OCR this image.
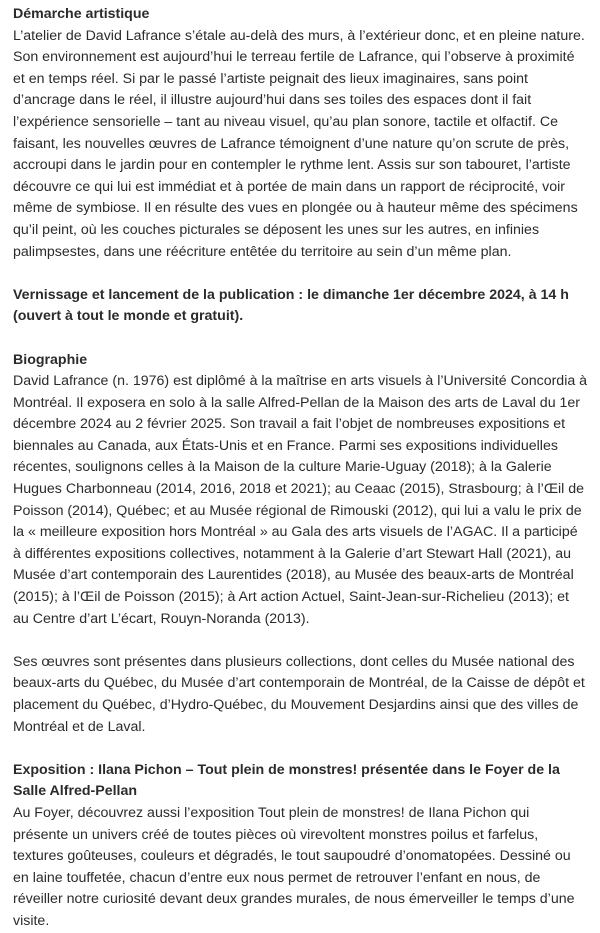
Démarche artistique

L’atelier de David Lafrance s’étale au-delà des murs, à l’extérieur donc, et en pleine nature. Son environnement est aujourd’hui le terreau fertile de Lafrance, qui l’observe à proximité et en temps réel. Si par le passé l’artiste peignait des lieux imaginaires, sans point d’ancrage dans le réel, il illustre aujourd’hui dans ses toiles des espaces dont il fait l’expérience sensorielle – tant au niveau visuel, qu’au plan sonore, tactile et olfactif. Ce faisant, les nouvelles œuvres de Lafrance témoignent d’une nature qu’on scrute de près, accroupi dans le jardin pour en contempler le rythme lent. Assis sur son tabouret, l’artiste découvre ce qui lui est immédiat et à portée de main dans un rapport de réciprocité, voir même de symbiose. Il en résulte des vues en plongée ou à hauteur même des spécimens qu’il peint, où les couches picturales se déposent les unes sur les autres, en infinies palimpsestes, dans une réécriture entêtée du territoire au sein d’un même plan.

Vernissage et lancement de la publication : le dimanche 1er décembre 2024, à 14 h (ouvert à tout le monde et gratuit).

Biographie

David Lafrance (n. 1976) est diplômé à la maîtrise en arts visuels à l’Université Concordia à Montréal. Il exposera en solo à la salle Alfred-Pellan de la Maison des arts de Laval du 1er décembre 2024 au 2 février 2025. Son travail a fait l’objet de nombreuses expositions et biennales au Canada, aux États-Unis et en France. Parmi ses expositions individuelles récentes, soulignons celles à la Maison de la culture Marie-Uguay (2018); à la Galerie Hugues Charbonneau (2014, 2016, 2018 et 2021); au Ceaac (2015), Strasbourg; à l’Œil de Poisson (2014), Québec; et au Musée régional de Rimouski (2012), qui lui a valu le prix de la « meilleure exposition hors Montréal » au Gala des arts visuels de l’AGAC. Il a participé à différentes expositions collectives, notamment à la Galerie d’art Stewart Hall (2021), au Musée d’art contemporain des Laurentides (2018), au Musée des beaux-arts de Montréal (2015); à l’Œil de Poisson (2015); à Art action Actuel, Saint-Jean-sur-Richelieu (2013); et au Centre d’art L’écart, Rouyn-Noranda (2013).

Ses œuvres sont présentes dans plusieurs collections, dont celles du Musée national des beaux-arts du Québec, du Musée d’art contemporain de Montréal, de la Caisse de dépôt et placement du Québec, d’Hydro-Québec, du Mouvement Desjardins ainsi que des villes de Montréal et de Laval.

Exposition : Ilana Pichon – Tout plein de monstres! présentée dans le Foyer de la Salle Alfred-Pellan

Au Foyer, découvrez aussi l’exposition Tout plein de monstres! de Ilana Pichon qui présente un univers créé de toutes pièces où virevoltent monstres poilus et farfelus, textures goûteuses, couleurs et dégradés, le tout saupoudré d’onomatopées. Dessiné ou en laine touffetée, chacun d’entre eux nous permet de retrouver l’enfant en nous, de réveiller notre curiosité devant deux grandes murales, de nous émerveiller le temps d’une visite.
